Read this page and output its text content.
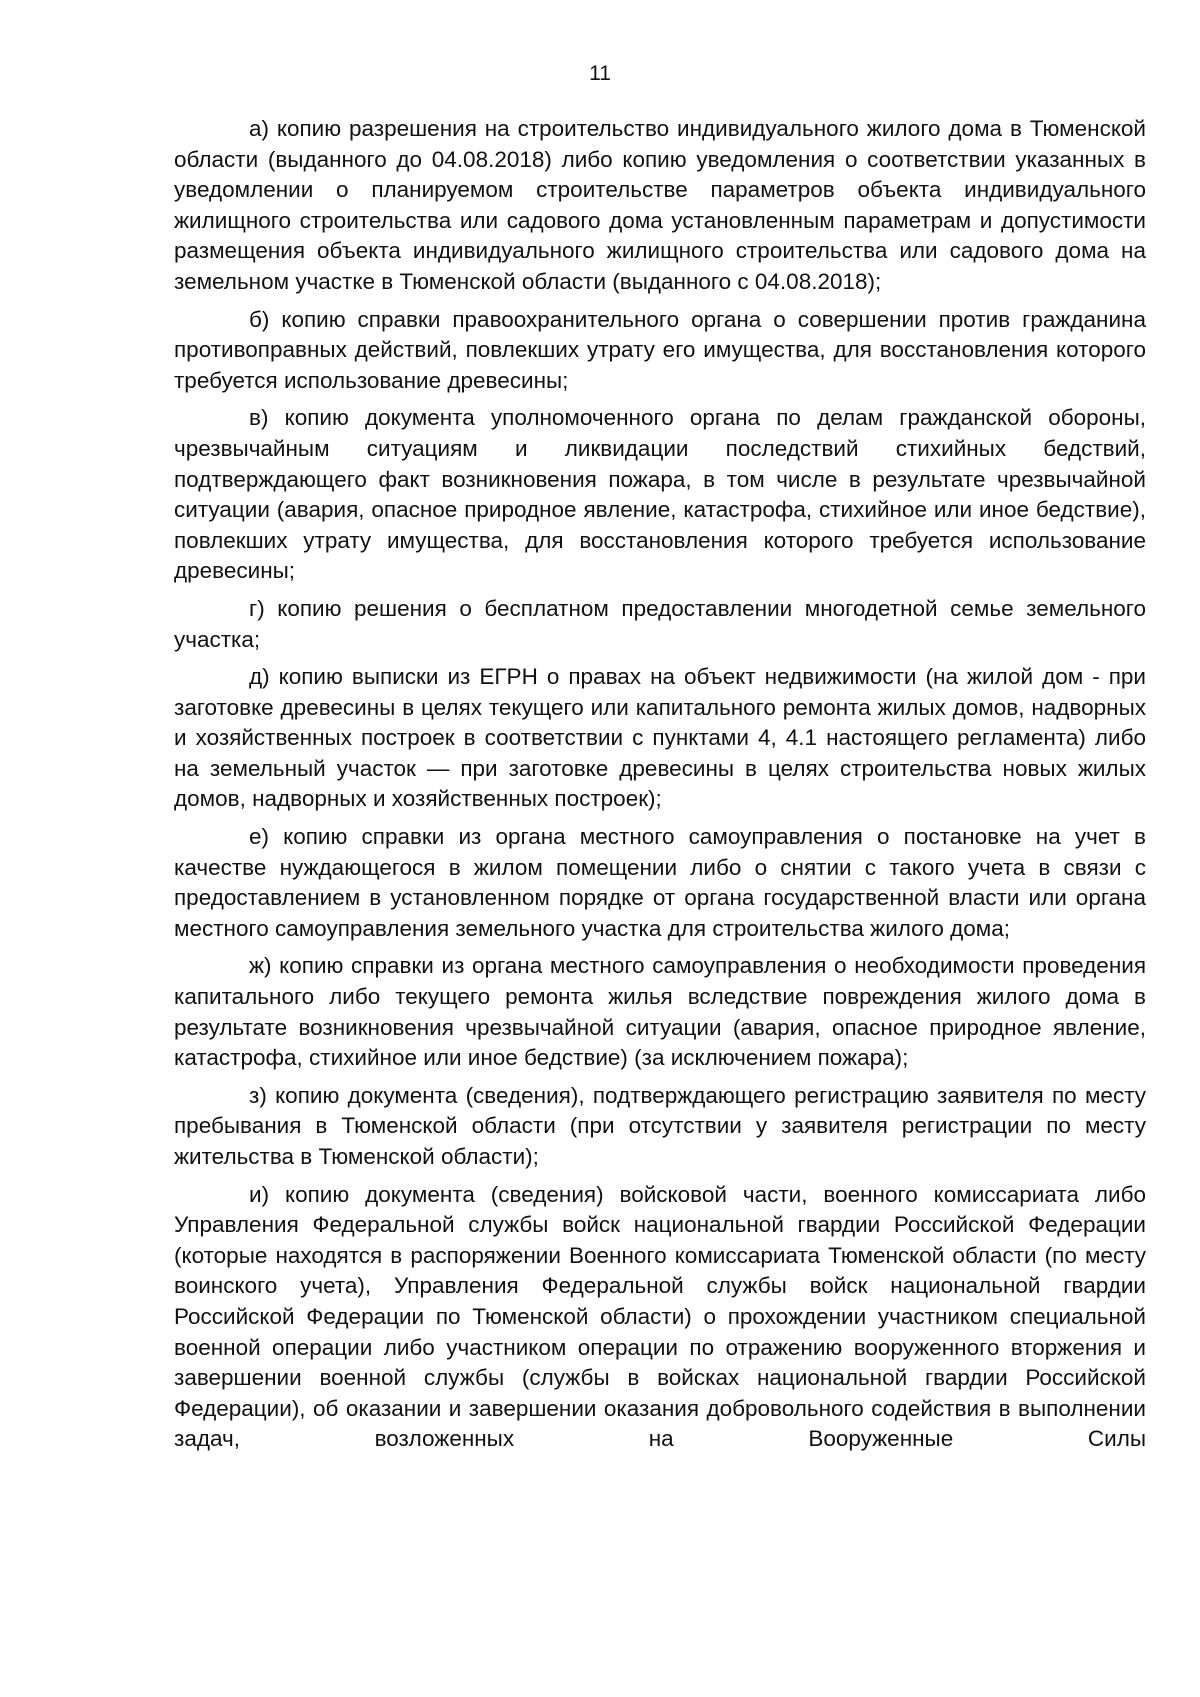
11

а) копию разрешения на строительство индивидуального жилого дома в Тюменской области (выданного до 04.08.2018) либо копию уведомления о соответствии указанных в уведомлении о планируемом строительстве параметров объекта индивидуального жилищного строительства или садового дома установленным параметрам и допустимости размещения объекта индивидуального жилищного строительства или садового дома на земельном участке в Тюменской области (выданного с 04.08.2018);

б) копию справки правоохранительного органа о совершении против гражданина противоправных действий, повлекших утрату его имущества, для восстановления которого требуется использование древесины;

в) копию документа уполномоченного органа по делам гражданской обороны, чрезвычайным ситуациям и ликвидации последствий стихийных бедствий, подтверждающего факт возникновения пожара, в том числе в результате чрезвычайной ситуации (авария, опасное природное явление, катастрофа, стихийное или иное бедствие), повлекших утрату имущества, для восстановления которого требуется использование древесины;

г) копию решения о бесплатном предоставлении многодетной семье земельного участка;

д) копию выписки из ЕГРН о правах на объект недвижимости (на жилой дом - при заготовке древесины в целях текущего или капитального ремонта жилых домов, надворных и хозяйственных построек в соответствии с пунктами 4, 4.1 настоящего регламента) либо на земельный участок — при заготовке древесины в целях строительства новых жилых домов, надворных и хозяйственных построек);

е) копию справки из органа местного самоуправления о постановке на учет в качестве нуждающегося в жилом помещении либо о снятии с такого учета в связи с предоставлением в установленном порядке от органа государственной власти или органа местного самоуправления земельного участка для строительства жилого дома;

ж) копию справки из органа местного самоуправления о необходимости проведения капитального либо текущего ремонта жилья вследствие повреждения жилого дома в результате возникновения чрезвычайной ситуации (авария, опасное природное явление, катастрофа, стихийное или иное бедствие) (за исключением пожара);

з) копию документа (сведения), подтверждающего регистрацию заявителя по месту пребывания в Тюменской области (при отсутствии у заявителя регистрации по месту жительства в Тюменской области);

и) копию документа (сведения) войсковой части, военного комиссариата либо Управления Федеральной службы войск национальной гвардии Российской Федерации (которые находятся в распоряжении Военного комиссариата Тюменской области (по месту воинского учета), Управления Федеральной службы войск национальной гвардии Российской Федерации по Тюменской области) о прохождении участником специальной военной операции либо участником операции по отражению вооруженного вторжения и завершении военной службы (службы в войсках национальной гвардии Российской Федерации), об оказании и завершении оказания добровольного содействия в выполнении задач, возложенных на Вооруженные Силы
